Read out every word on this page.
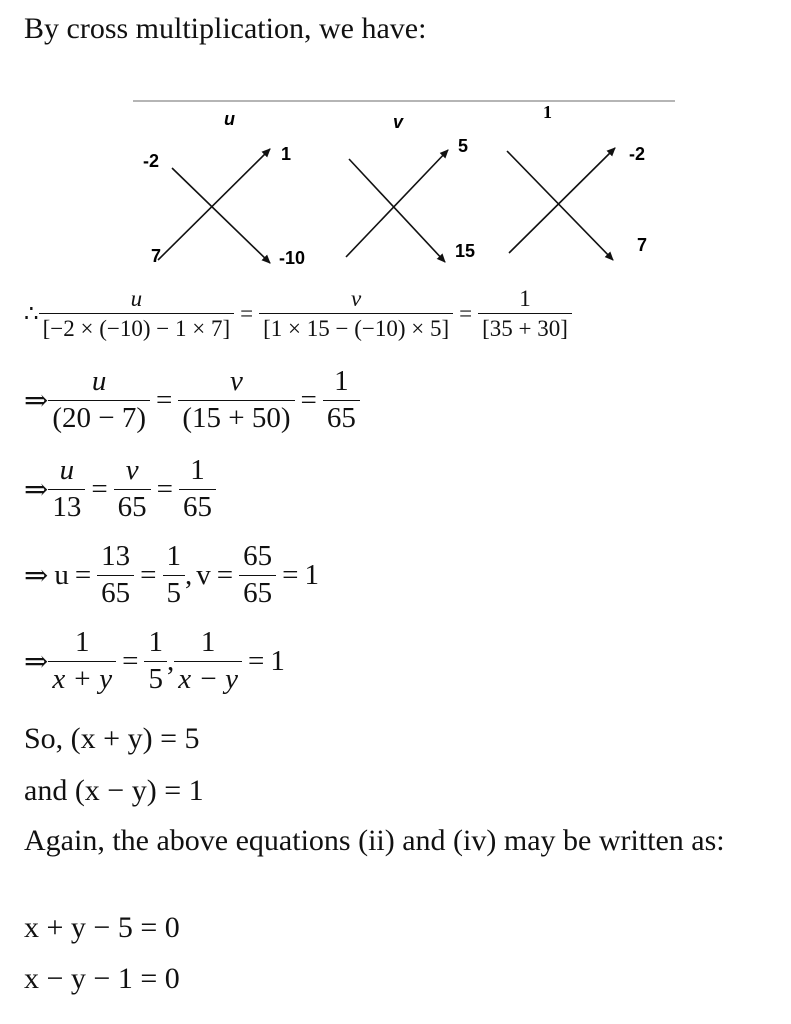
By cross multiplication, we have:
u	v	1
-2	1
7	-10
5
15
-2
7
∴ $\frac{u}{[-2 \times (-10) - 1 \times 7]} = \frac{v}{[1 \times 15 - (-10) \times 5]} = \frac{1}{[35 + 30]}$
⇒ $\frac{u}{(20 - 7)} = \frac{v}{(15 + 50)} = \frac{1}{65}$
⇒ $\frac{u}{13} = \frac{v}{65} = \frac{1}{65}$
⇒ $u = \frac{13}{65} = \frac{1}{5}$ , $v = \frac{65}{65} = 1$
⇒ $\frac{1}{x + y} = \frac{1}{5}$ , $\frac{1}{x - y} = 1$
So, (x + y) = 5
and (x − y) = 1
Again, the above equations (ii) and (iv) may be written as:
x + y − 5 = 0
x − y − 1 = 0
